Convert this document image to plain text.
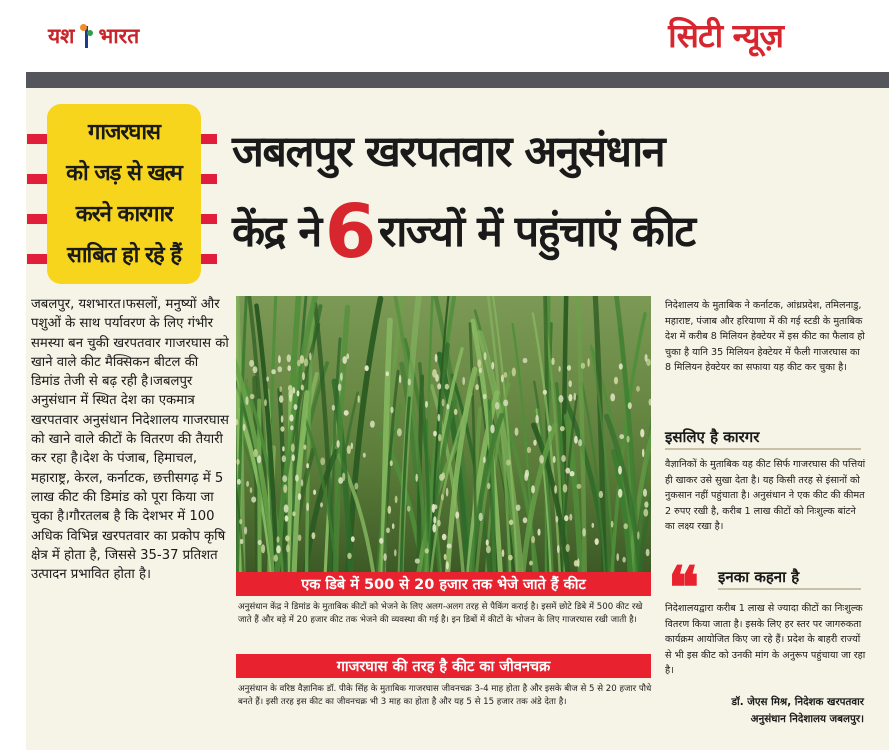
यश भारत	सिटी न्यूज़
गाजरघास
को जड़ से खत्म
करने कारगार
साबित हो रहे हैं
जबलपुर खरपतवार अनुसंधान
केंद्र ने 6 राज्यों में पहुंचाएं कीट
जबलपुर, यशभारत।फसलों, मनुष्यों और पशुओं के साथ पर्यावरण के लिए गंभीर समस्या बन चुकी खरपतवार गाजरघास को खाने वाले कीट मैक्सिकन बीटल की डिमांड तेजी से बढ़ रही है।जबलपुर अनुसंधान में स्थित देश का एकमात्र खरपतवार अनुसंधान निदेशालय गाजरघास को खाने वाले कीटों के वितरण की तैयारी कर रहा है।देश के पंजाब, हिमाचल, महाराष्ट्र, केरल, कर्नाटक, छत्तीसगढ़ में 5 लाख कीट की डिमांड को पूरा किया जा चुका है।गौरतलब है कि देशभर में 100 अधिक विभिन्न खरपतवार का प्रकोप कृषि क्षेत्र में होता है, जिससे 35-37 प्रतिशत उत्पादन प्रभावित होता है।
एक डिबे में 500 से 20 हजार तक भेजे जाते हैं कीट
अनुसंधान केंद्र ने डिमांड के मुताबिक कीटों को भेजने के लिए अलग-अलग तरह से पैकिंग कराई है। इसमें छोटे डिबे में 500 कीट रखे जाते हैं और बड़े में 20 हजार कीट तक भेजने की व्यवस्था की गई है। इन डिबों में कीटों के भोजन के लिए गाजरघास रखी जाती है।
गाजरघास की तरह है कीट का जीवनचक्र
अनुसंधान के वरिष्ठ वैज्ञानिक डॉ. पीके सिंह के मुताबिक गाजरघास जीवनचक्र 3-4 माह होता है और इसके बीज से 5 से 20 हजार पौधे बनते हैं। इसी तरह इस कीट का जीवनचक्र भी 3 माह का होता है और यह 5 से 15 हजार तक अंडे देता है।
निदेशालय के मुताबिक ने कर्नाटक, आंध्रप्रदेश, तमिलनाडु, महाराष्ट, पंजाब और हरियाणा में की गई स्टडी के मुताबिक देश में करीब 8 मिलियन हेक्टेयर में इस कीट का फैलाव हो चुका है यानि 35 मिलियन हेक्टेयर में फैली गाजरघास का 8 मिलियन हेक्टेयर का सफाया यह कीट कर चुका है।
इसलिए है कारगर
वैज्ञानिकों के मुताबिक यह कीट सिर्फ गाजरघास की पत्तियां ही खाकर उसे सुखा देता है। यह किसी तरह से इंसानों को नुकसान नहीं पहुंचाता है। अनुसंधान ने एक कीट की कीमत 2 रुपए रखी है, करीब 1 लाख कीटों को निःशुल्क बांटने का लक्ष्य रखा है।
❝ इनका कहना है
निदेशालयद्वारा करीब 1 लाख से ज्यादा कीटों का निःशुल्क वितरण किया जाता है। इसके लिए हर स्तर पर जागरुकता कार्यक्रम आयोजित किए जा रहे हैं। प्रदेश के बाहरी राज्यों से भी इस कीट को उनकी मांग के अनुरूप पहुंचाया जा रहा है।
डॉ. जेएस मिश्र, निदेशक खरपतवार
अनुसंधान निदेशालय जबलपुर।
